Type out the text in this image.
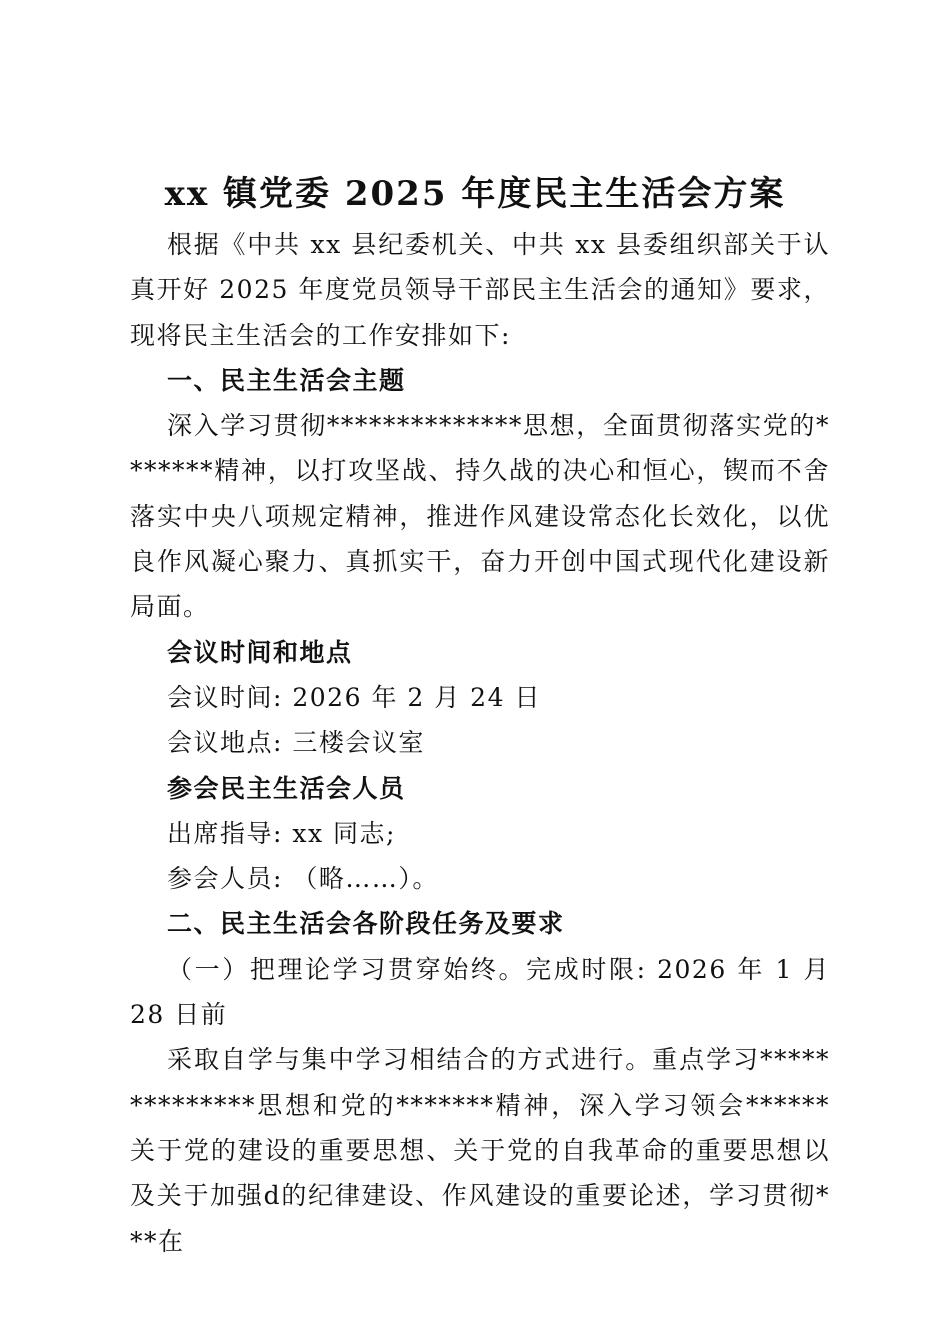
xx 镇党委 2025 年度民主生活会方案

根据《中共 xx 县纪委机关、中共 xx 县委组织部关于认真开好 2025 年度党员领导干部民主生活会的通知》要求，现将民主生活会的工作安排如下:

一、民主生活会主题

深入学习贯彻**************思想，全面贯彻落实党的*******精神，以打攻坚战、持久战的决心和恒心，锲而不舍落实中央八项规定精神，推进作风建设常态化长效化，以优良作风凝心聚力、真抓实干，奋力开创中国式现代化建设新局面。

会议时间和地点

会议时间: 2026 年 2 月 24 日

会议地点: 三楼会议室

参会民主生活会人员

出席指导: xx 同志;

参会人员: （略……）。

二、民主生活会各阶段任务及要求

（一）把理论学习贯穿始终。完成时限: 2026 年 1 月 28 日前

采取自学与集中学习相结合的方式进行。重点学习**************思想和党的*******精神，深入学习领会******关于党的建设的重要思想、关于党的自我革命的重要思想以及关于加强d的纪律建设、作风建设的重要论述，学习贯彻***在
